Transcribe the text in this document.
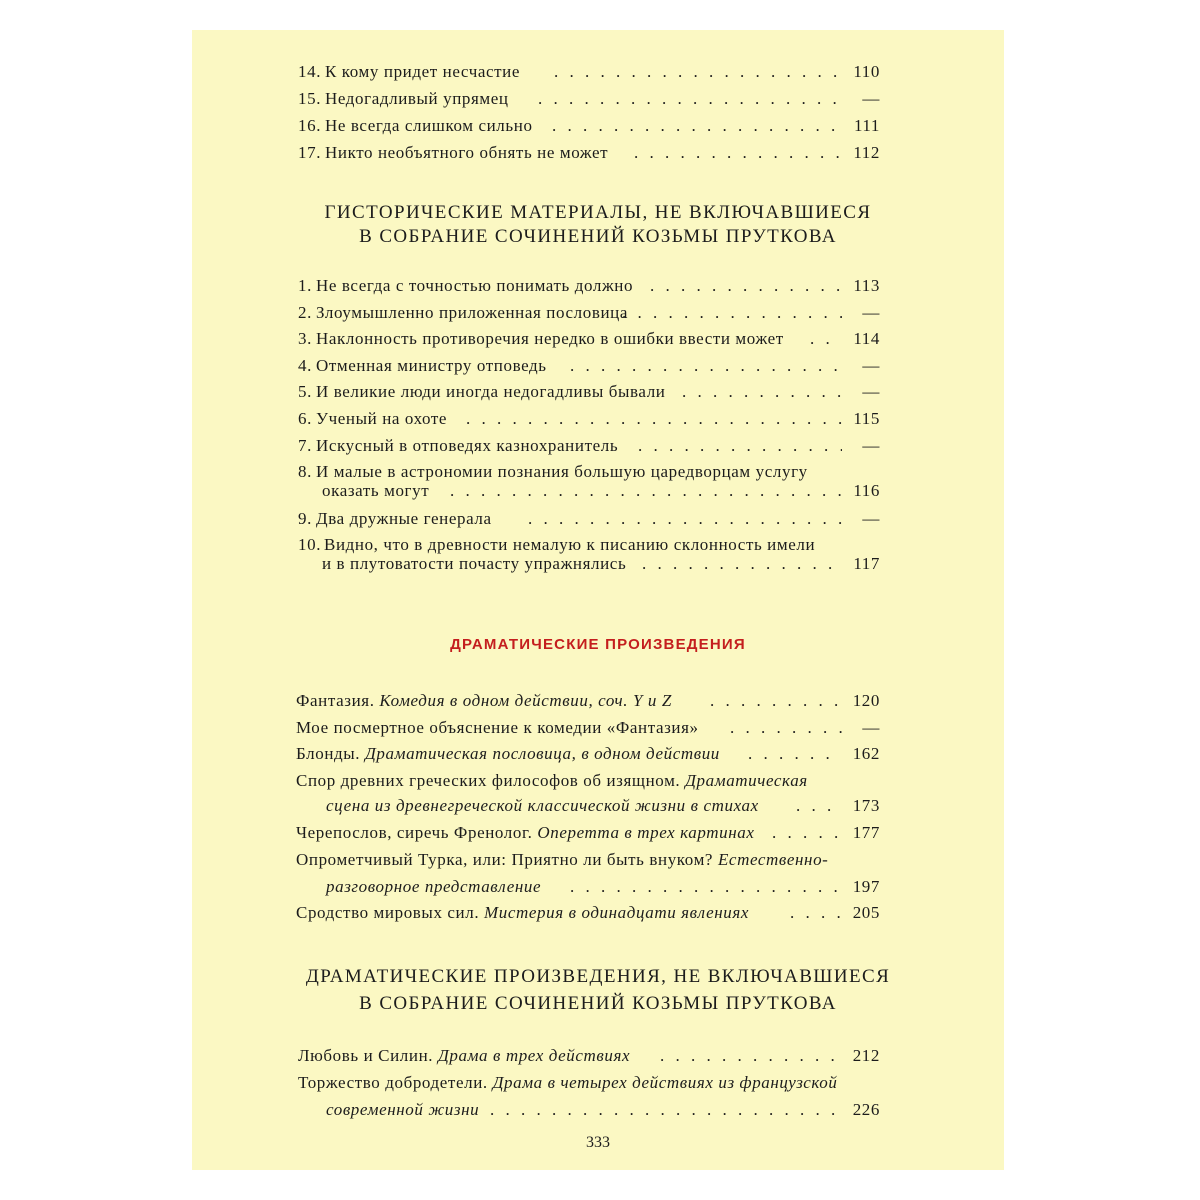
14. К кому придет несчастие . . .	110
15. Недогадливый упрямец . . .	—
16. Не всегда слишком сильно . . .	111
17. Никто необъятного обнять не может . . .	112
ГИСТОРИЧЕСКИЕ МАТЕРИАЛЫ, НЕ ВКЛЮЧАВШИЕСЯ
В СОБРАНИЕ СОЧИНЕНИЙ КОЗЬМЫ ПРУТКОВА
1. Не всегда с точностью понимать должно . . .	113
2. Злоумышленно приложенная пословица . . .	—
3. Наклонность противоречия нередко в ошибки ввести может . . .	114
4. Отменная министру отповедь . . .	—
5. И великие люди иногда недогадливы бывали . . .	—
6. Ученый на охоте . . .	115
7. Искусный в отповедях казнохранитель . . .	—
8. И малые в астрономии познания большую царедворцам услугу
оказать могут . . .	116
9. Два дружные генерала . . .	—
10. Видно, что в древности немалую к писанию склонность имели
и в плутоватости почасту упражнялись . . .	117
ДРАМАТИЧЕСКИЕ ПРОИЗВЕДЕНИЯ
Фантазия. Комедия в одном действии, соч. Y и Z . . .	120
Мое посмертное объяснение к комедии «Фантазия» . . .	—
Блонды. Драматическая пословица, в одном действии . . .	162
Спор древних греческих философов об изящном. Драматическая
сцена из древнегреческой классической жизни в стихах . . .	173
Черепослов, сиречь Френолог. Оперетта в трех картинах . . .	177
Опрометчивый Турка, или: Приятно ли быть внуком? Естественно-
разговорное представление . . .	197
Сродство мировых сил. Мистерия в одинадцати явлениях . . .	205
ДРАМАТИЧЕСКИЕ ПРОИЗВЕДЕНИЯ, НЕ ВКЛЮЧАВШИЕСЯ
В СОБРАНИЕ СОЧИНЕНИЙ КОЗЬМЫ ПРУТКОВА
Любовь и Силин. Драма в трех действиях . . .	212
Торжество добродетели. Драма в четырех действиях из французской
современной жизни . . .	226
333
